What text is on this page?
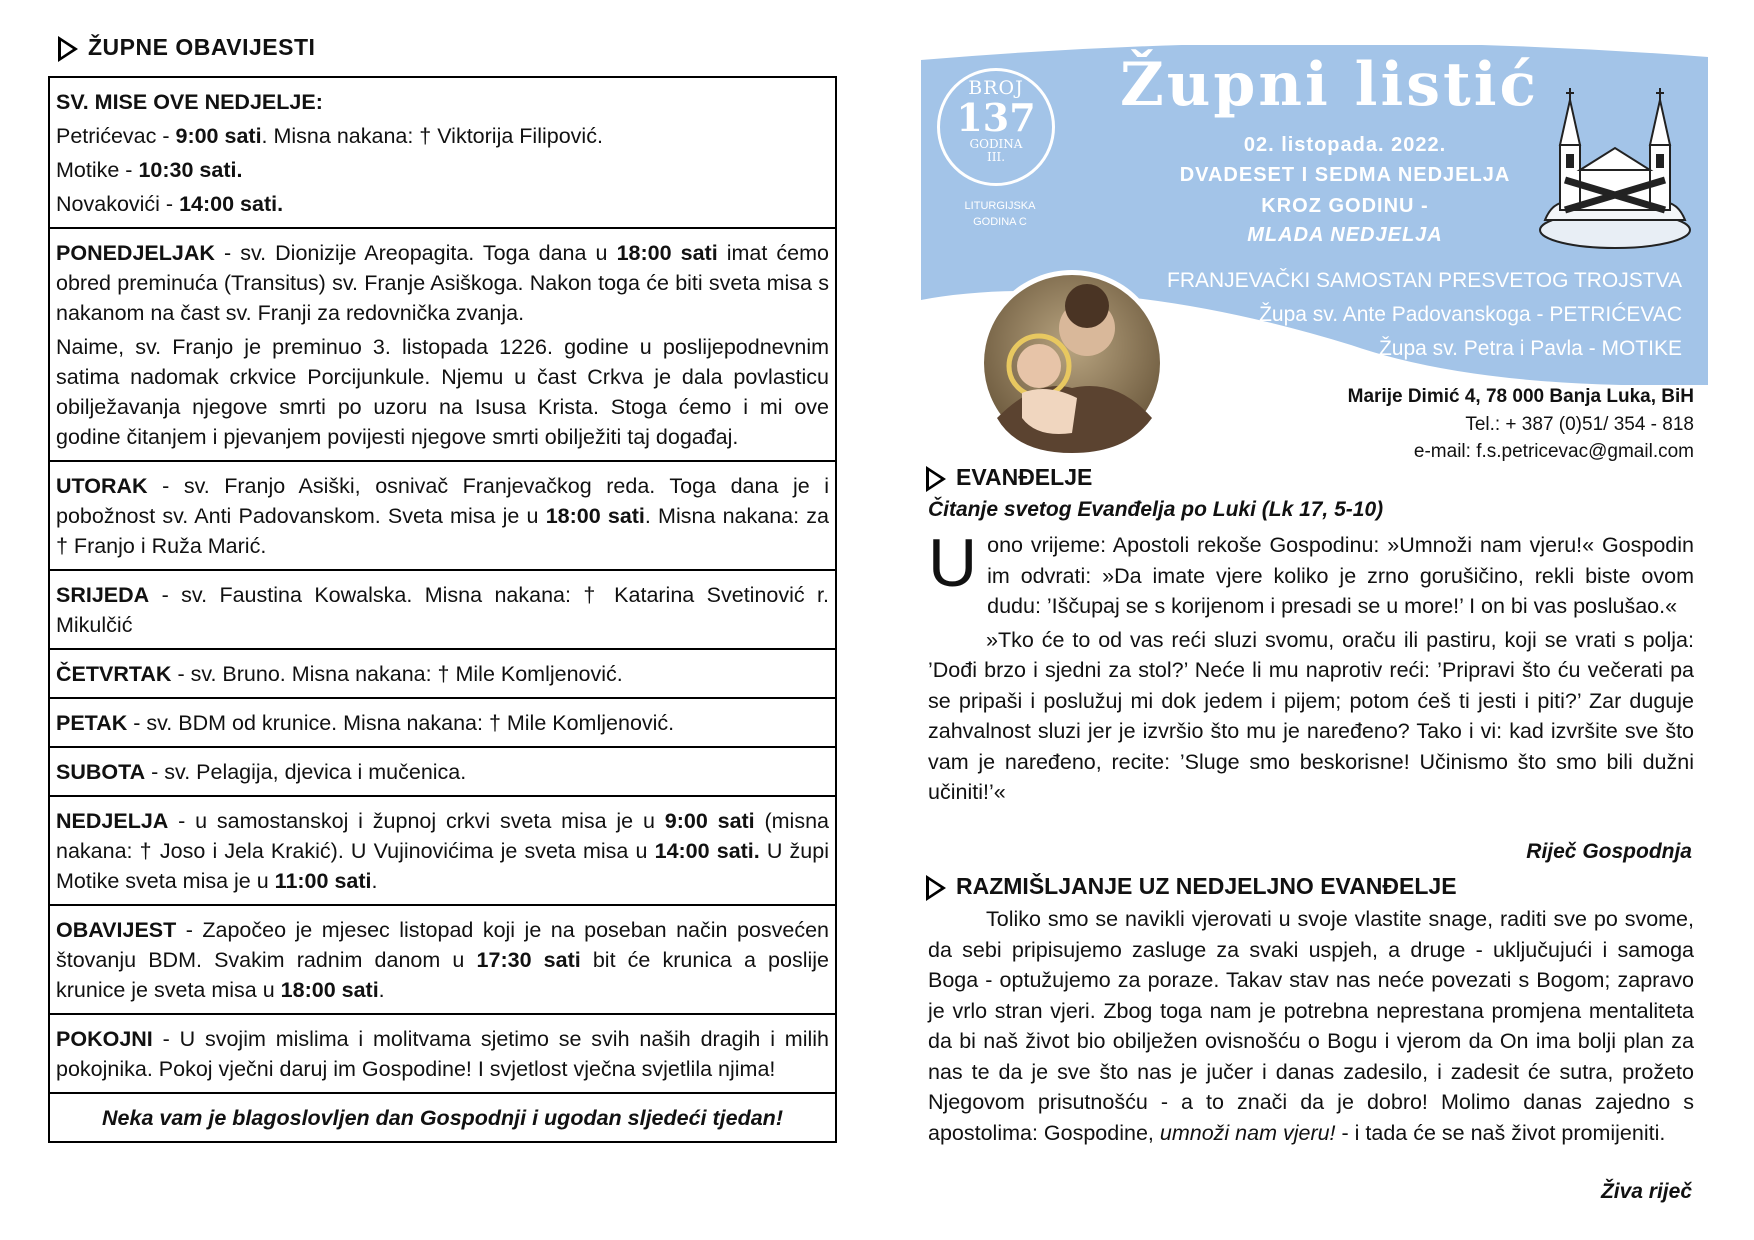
ŽUPNE OBAVIJESTI

SV. MISE OVE NEDJELJE:

Petrićevac - 9:00 sati. Misna nakana: † Viktorija Filipović.

Motike - 10:30 sati.

Novakovići - 14:00 sati.

PONEDJELJAK - sv. Dionizije Areopagita. Toga dana u 18:00 sati imat ćemo obred preminuća (Transitus) sv. Franje Asiškoga. Nakon toga će biti sveta misa s nakanom na čast sv. Franji za redovnička zvanja.

Naime, sv. Franjo je preminuo 3. listopada 1226. godine u poslijepodnevnim satima nadomak crkvice Porcijunkule. Njemu u čast Crkva je dala povlasticu obilježavanja njegove smrti po uzoru na Isusa Krista. Stoga ćemo i mi ove godine čitanjem i pjevanjem povijesti njegove smrti obilježiti taj događaj.

UTORAK - sv. Franjo Asiški, osnivač Franjevačkog reda. Toga dana je i pobožnost sv. Anti Padovanskom. Sveta misa je u 18:00 sati. Misna nakana: za † Franjo i Ruža Marić.

SRIJEDA - sv. Faustina Kowalska. Misna nakana: † Katarina Svetinović r. Mikulčić

ČETVRTAK - sv. Bruno. Misna nakana: † Mile Komljenović.

PETAK - sv. BDM od krunice. Misna nakana: † Mile Komljenović.

SUBOTA - sv. Pelagija, djevica i mučenica.

NEDJELJA - u samostanskoj i župnoj crkvi sveta misa je u 9:00 sati (misna nakana: † Joso i Jela Krakić). U Vujinovićima je sveta misa u 14:00 sati. U župi Motike sveta misa je u 11:00 sati.

OBAVIJEST - Započeo je mjesec listopad koji je na poseban način posvećen štovanju BDM. Svakim radnim danom u 17:30 sati bit će krunica a poslije krunice je sveta misa u 18:00 sati.

POKOJNI - U svojim mislima i molitvama sjetimo se svih naših dragih i milih pokojnika. Pokoj vječni daruj im Gospodine! I svjetlost vječna svjetlila njima!

Neka vam je blagoslovljen dan Gospodnji i ugodan sljedeći tjedan!
BROJ
137
GODINA
III.
LITURGIJSKA
GODINA C
Župni listić
02. listopada. 2022.
DVADESET I SEDMA NEDJELJA
KROZ GODINU -
MLADA NEDJELJA
FRANJEVAČKI SAMOSTAN PRESVETOG TROJSTVA
Župa sv. Ante Padovanskoga - PETRIĆEVAC
Župa sv. Petra i Pavla - MOTIKE
Marije Dimić 4, 78 000 Banja Luka, BiH
Tel.: + 387 (0)51/ 354 - 818
e-mail: f.s.petricevac@gmail.com
EVANĐELJE
Čitanje svetog Evanđelja po Luki (Lk 17, 5-10)

U ono vrijeme: Apostoli rekoše Gospodinu: »Umnoži nam vjeru!« Gospodin im odvrati: »Da imate vjere koliko je zrno gorušičino, rekli biste ovom dudu: ’Iščupaj se s korijenom i presadi se u more!’ I on bi vas poslušao.«

»Tko će to od vas reći sluzi svomu, oraču ili pastiru, koji se vrati s polja: ’Dođi brzo i sjedni za stol?’ Neće li mu naprotiv reći: ’Pripravi što ću večerati pa se pripaši i poslužuj mi dok jedem i pijem; potom ćeš ti jesti i piti?’ Zar duguje zahvalnost sluzi jer je izvršio što mu je naređeno? Tako i vi: kad izvršite sve što vam je naređeno, recite: ’Sluge smo beskorisne! Učinismo što smo bili dužni učiniti!’«

Riječ Gospodnja
RAZMIŠLJANJE UZ NEDJELJNO EVANĐELJE

Toliko smo se navikli vjerovati u svoje vlastite snage, raditi sve po svome, da sebi pripisujemo zasluge za svaki uspjeh, a druge - uključujući i samoga Boga - optužujemo za poraze. Takav stav nas neće povezati s Bogom; zapravo je vrlo stran vjeri. Zbog toga nam je potrebna neprestana promjena mentaliteta da bi naš život bio obilježen ovisnošću o Bogu i vjerom da On ima bolji plan za nas te da je sve što nas je jučer i danas zadesilo, i zadesit će sutra, prožeto Njegovom prisutnošću - a to znači da je dobro! Molimo danas zajedno s apostolima: Gospodine, umnoži nam vjeru! - i tada će se naš život promijeniti.

Živa riječ
